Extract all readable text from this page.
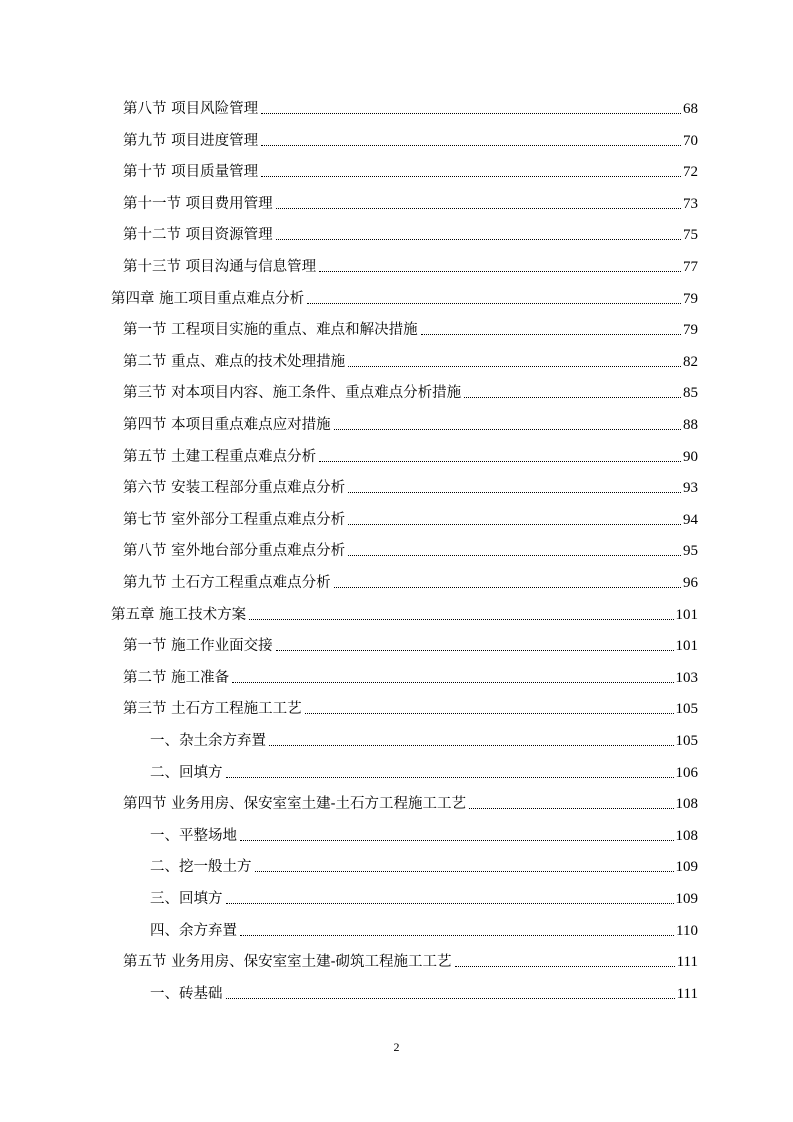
第八节 项目风险管理	68
第九节 项目进度管理	70
第十节 项目质量管理	72
第十一节 项目费用管理	73
第十二节 项目资源管理	75
第十三节 项目沟通与信息管理	77
第四章 施工项目重点难点分析	79
第一节 工程项目实施的重点、难点和解决措施	79
第二节 重点、难点的技术处理措施	82
第三节 对本项目内容、施工条件、重点难点分析措施	85
第四节 本项目重点难点应对措施	88
第五节 土建工程重点难点分析	90
第六节 安装工程部分重点难点分析	93
第七节 室外部分工程重点难点分析	94
第八节 室外地台部分重点难点分析	95
第九节 土石方工程重点难点分析	96
第五章 施工技术方案	101
第一节 施工作业面交接	101
第二节 施工准备	103
第三节 土石方工程施工工艺	105
一、杂土余方弃置	105
二、回填方	106
第四节 业务用房、保安室室土建-土石方工程施工工艺	108
一、平整场地	108
二、挖一般土方	109
三、回填方	109
四、余方弃置	110
第五节 业务用房、保安室室土建-砌筑工程施工工艺	111
一、砖基础	111
2
